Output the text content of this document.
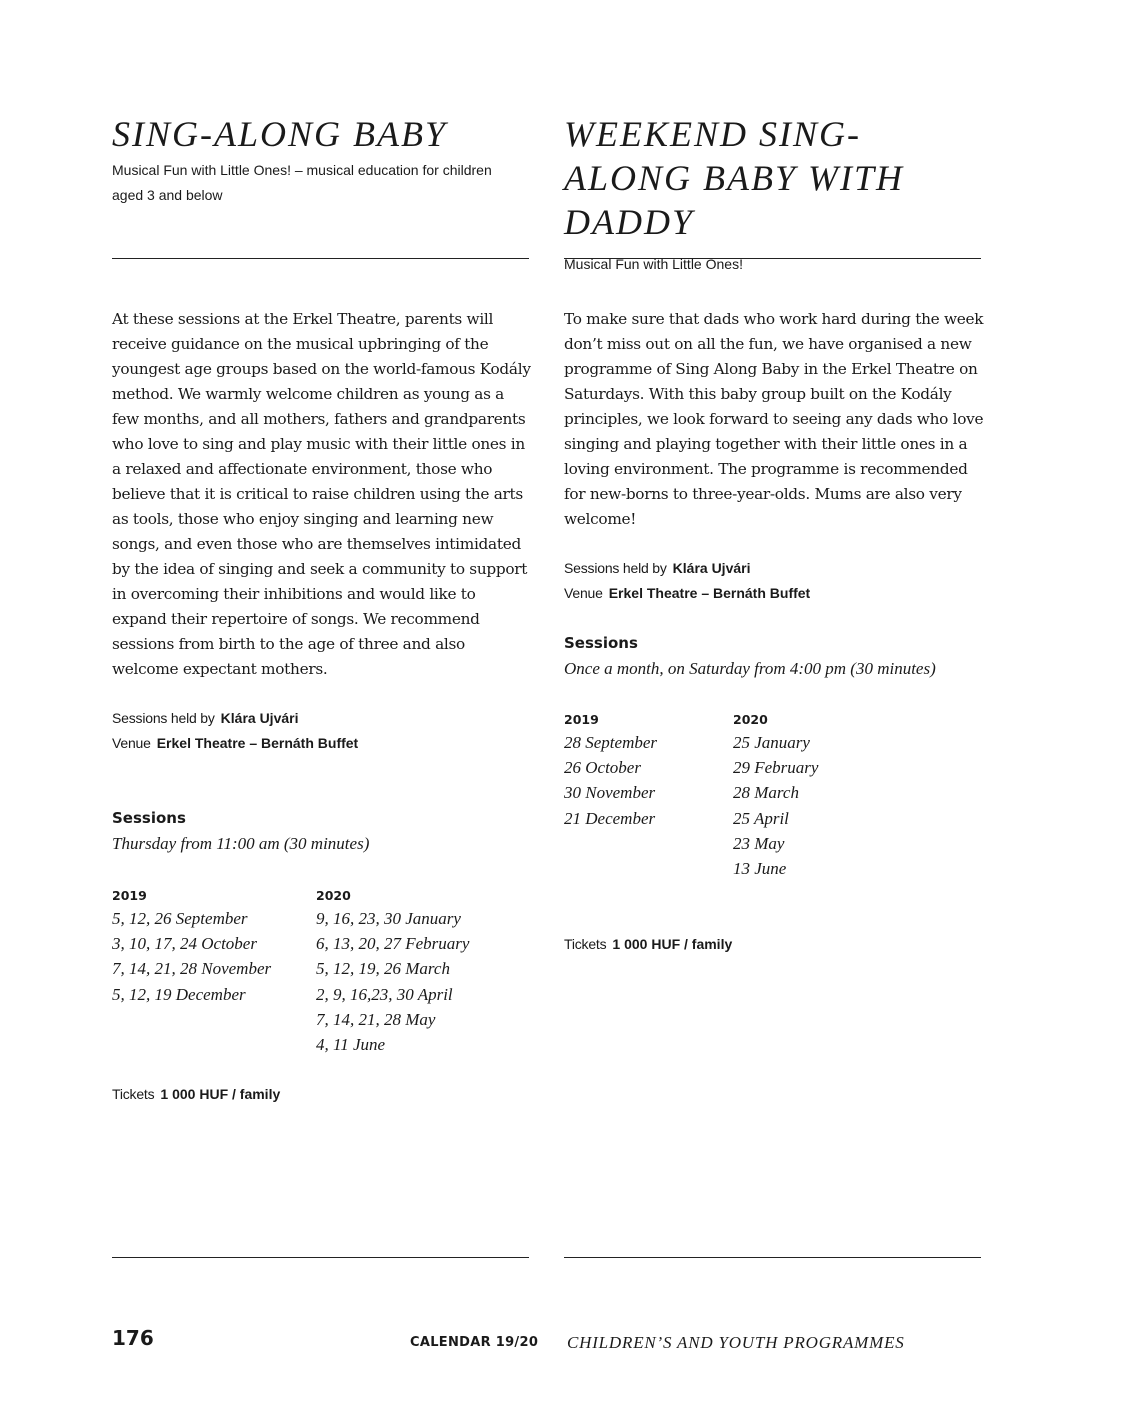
SING-ALONG BABY

Musical Fun with Little Ones! – musical education for children aged 3 and below

At these sessions at the Erkel Theatre, parents will receive guidance on the musical upbringing of the youngest age groups based on the world-famous Kodály method. We warmly welcome children as young as a few months, and all mothers, fathers and grandparents who love to sing and play music with their little ones in a relaxed and affectionate environment, those who believe that it is critical to raise children using the arts as tools, those who enjoy singing and learning new songs, and even those who are themselves intimidated by the idea of singing and seek a community to support in overcoming their inhibitions and would like to expand their repertoire of songs. We recommend sessions from birth to the age of three and also welcome expectant mothers.

Sessions held by Klára Ujvári
Venue Erkel Theatre – Bernáth Buffet
Sessions
Thursday from 11:00 am (30 minutes)
2019
5, 12, 26 September
3, 10, 17, 24 October
7, 14, 21, 28 November
5, 12, 19 December
2020
9, 16, 23, 30 January
6, 13, 20, 27 February
5, 12, 19, 26 March
2, 9, 16,23, 30 April
7, 14, 21, 28 May
4, 11 June
Tickets 1 000 HUF / family
WEEKEND SING-ALONG BABY WITH DADDY

Musical Fun with Little Ones!

To make sure that dads who work hard during the week don’t miss out on all the fun, we have organised a new programme of Sing Along Baby in the Erkel Theatre on Saturdays. With this baby group built on the Kodály principles, we look forward to seeing any dads who love singing and playing together with their little ones in a loving environment. The programme is recommended for new-borns to three-year-olds. Mums are also very welcome!

Sessions held by Klára Ujvári
Venue Erkel Theatre – Bernáth Buffet
Sessions
Once a month, on Saturday from 4:00 pm (30 minutes)
2019
28 September
26 October
30 November
21 December
2020
25 January
29 February
28 March
25 April
23 May
13 June
Tickets 1 000 HUF / family
176	CALENDAR 19/20 CHILDREN’S AND YOUTH PROGRAMMES
